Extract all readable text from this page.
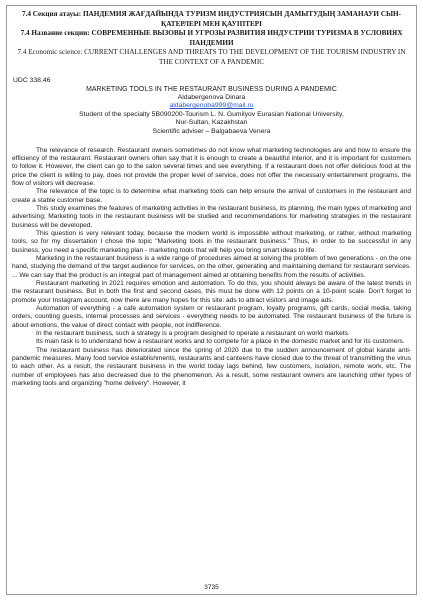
7.4 Секция атауы: ПАНДЕМИЯ ЖАҒДАЙЫНДА ТУРИЗМ ИНДУСТРИЯСЫН ДАМЫТУДЫҢ ЗАМАНАУИ СЫН-ҚАТЕРЛЕРІ МЕН ҚАУІПТЕРІ
7.4 Название секции: СОВРЕМЕННЫЕ ВЫЗОВЫ И УГРОЗЫ РАЗВИТИЯ ИНДУСТРИИ ТУРИЗМА В УСЛОВИЯХ ПАНДЕМИИ
7.4 Economic science: CURRENT CHALLENGES AND THREATS TO THE DEVELOPMENT OF THE TOURISM INDUSTRY IN THE CONTEXT OF A PANDEMIC
UDC 338.46
MARKETING TOOLS IN THE RESTAURANT BUSINESS DURING A PANDEMIC
Aldabergenova Dinara
aldabergenoba999@mail.ru
Student of the specialty 5B090200-Tourism L. N. Gumilyov Eurasian National University,
Nur-Sultan, Kazakhstan
Scientific adviser – Balgabaeva Venera

The relevance of research. Restaurant owners sometimes do not know what marketing technologies are and how to ensure the efficiency of the restaurant. Restaurant owners often say that it is enough to create a beautiful interior, and it is important for customers to follow it. However, the client can go to the salon several times and see everything. If a restaurant does not offer delicious food at the price the client is willing to pay, does not provide the proper level of service, does not offer the necessary entertainment programs, the flow of visitors will decrease.

The relevance of the topic is to determine what marketing tools can help ensure the arrival of customers in the restaurant and create a stable customer base.

This study examines the features of marketing activities in the restaurant business, its planning, the main types of marketing and advertising; Marketing tools in the restaurant business will be studied and recommendations for marketing strategies in the restaurant business will be developed.

This question is very relevant today, because the modern world is impossible without marketing, or rather, without marketing tools, so for my dissertation I chose the topic "Marketing tools in the restaurant business." Thus, in order to be successful in any business, you need a specific marketing plan - marketing tools that will help you bring smart ideas to life.

Marketing in the restaurant business is a wide range of procedures aimed at solving the problem of two generations - on the one hand, studying the demand of the target audience for services, on the other, generating and maintaining demand for restaurant services. ... We can say that the product is an integral part of management aimed at obtaining benefits from the results of activities.

Restaurant marketing in 2021 requires emotion and automation. To do this, you should always be aware of the latest trends in the restaurant business. But in both the first and second cases, this must be done with 12 points on a 10-point scale. Don't forget to promote your Instagram account, now there are many hopes for this site: ads to attract visitors and image ads.

Automation of everything - a cafe automation system or restaurant program, loyalty programs, gift cards, social media, taking orders, counting guests, internal processes and services - everything needs to be automated. The restaurant business of the future is about emotions, the value of direct contact with people, not indifference.

In the restaurant business, such a strategy is a program designed to operate a restaurant on world markets.

Its main task is to understand how a restaurant works and to compete for a place in the domestic market and for its customers.

The restaurant business has deteriorated since the spring of 2020 due to the sudden announcement of global karate anti-pandemic measures. Many food service establishments, restaurants and canteens have closed due to the threat of transmitting the virus to each other. As a result, the restaurant business in the world today lags behind, few customers, isolation, remote work, etc. The number of employees has also decreased due to the phenomenon. As a result, some restaurant owners are launching other types of marketing tools and organizing "home delivery". However, it

3735
